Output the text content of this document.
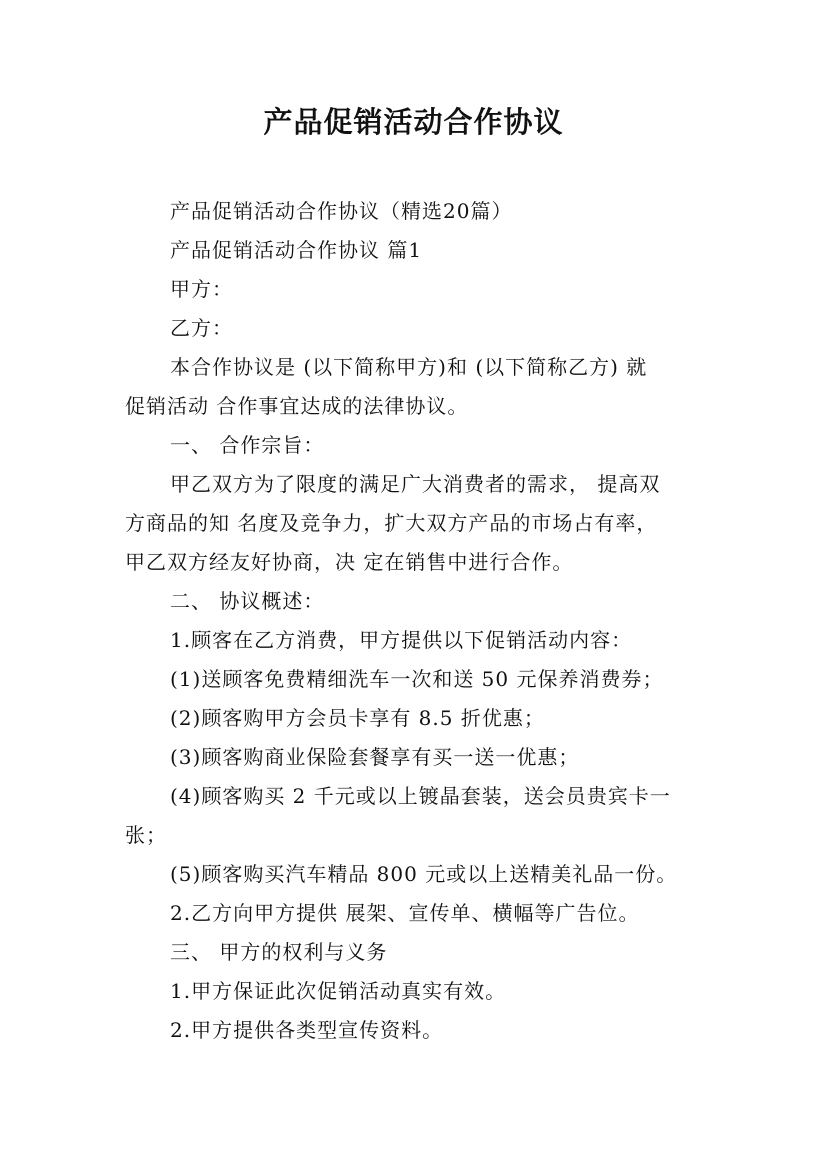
产品促销活动合作协议

产品促销活动合作协议（精选20篇）

产品促销活动合作协议 篇1

甲方：

乙方：

本合作协议是 (以下简称甲方)和 (以下简称乙方) 就

促销活动 合作事宜达成的法律协议。

一、 合作宗旨：

甲乙双方为了限度的满足广大消费者的需求， 提高双

方商品的知 名度及竞争力，扩大双方产品的市场占有率，

甲乙双方经友好协商，决 定在销售中进行合作。

二、 协议概述：

1.顾客在乙方消费，甲方提供以下促销活动内容：

(1)送顾客免费精细洗车一次和送 50 元保养消费券；

(2)顾客购甲方会员卡享有 8.5 折优惠；

(3)顾客购商业保险套餐享有买一送一优惠；

(4)顾客购买 2 千元或以上镀晶套装，送会员贵宾卡一

张；

(5)顾客购买汽车精品 800 元或以上送精美礼品一份。

2.乙方向甲方提供 展架、宣传单、横幅等广告位。

三、 甲方的权利与义务

1.甲方保证此次促销活动真实有效。

2.甲方提供各类型宣传资料。
